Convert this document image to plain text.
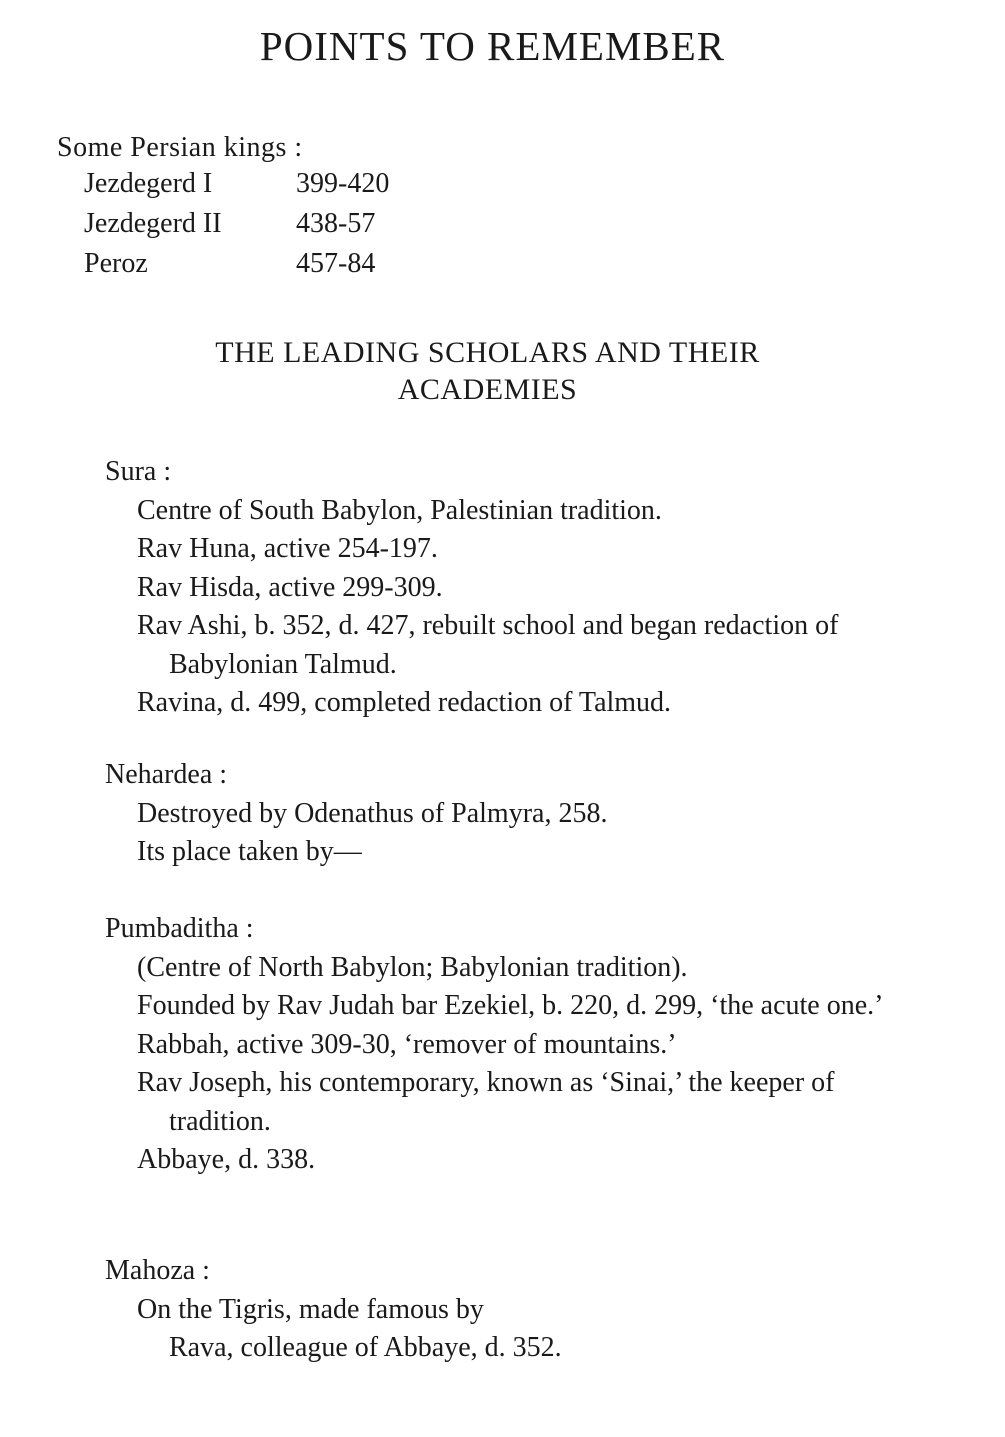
POINTS TO REMEMBER
Some Persian kings :
Jezdegerd I	399-420
Jezdegerd II	438-57
Peroz	457-84
THE LEADING SCHOLARS AND THEIR
ACADEMIES
Sura :
Centre of South Babylon, Palestinian tradition.
Rav Huna, active 254-197.
Rav Hisda, active 299-309.
Rav Ashi, b. 352, d. 427, rebuilt school and began redaction of Babylonian Talmud.
Ravina, d. 499, completed redaction of Talmud.
Nehardea :
Destroyed by Odenathus of Palmyra, 258.
Its place taken by—
Pumbaditha :
(Centre of North Babylon; Babylonian tradition).
Founded by Rav Judah bar Ezekiel, b. 220, d. 299, ‘the acute one.’
Rabbah, active 309-30, ‘remover of mountains.’
Rav Joseph, his contemporary, known as ‘Sinai,’ the keeper of tradition.
Abbaye, d. 338.
Mahoza :
On the Tigris, made famous by
Rava, colleague of Abbaye, d. 352.
